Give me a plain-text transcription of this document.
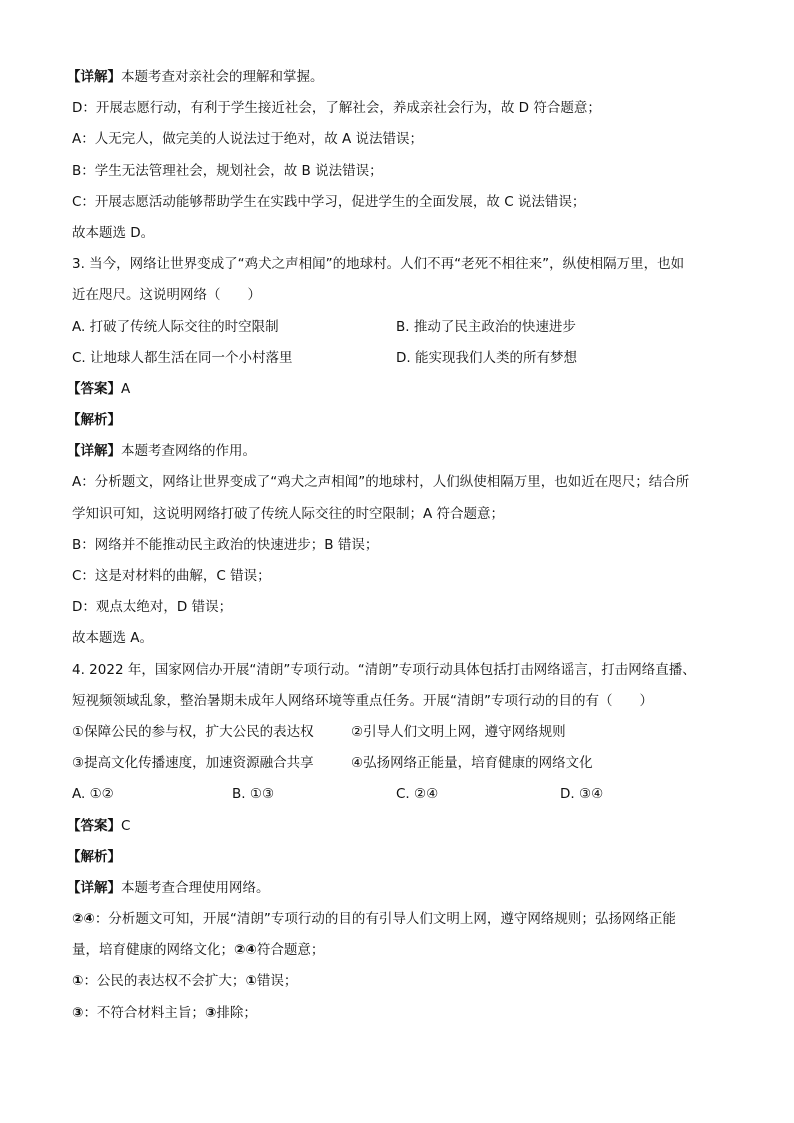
【详解】本题考查对亲社会的理解和掌握。
D：开展志愿行动，有利于学生接近社会，了解社会，养成亲社会行为，故 D 符合题意；
A：人无完人，做完美的人说法过于绝对，故 A 说法错误；
B：学生无法管理社会，规划社会，故 B 说法错误；
C：开展志愿活动能够帮助学生在实践中学习，促进学生的全面发展，故 C 说法错误；
故本题选 D。
3. 当今，网络让世界变成了“鸡犬之声相闻”的地球村。人们不再“老死不相往来”，纵使相隔万里，也如
近在咫尺。这说明网络（　　）
A. 打破了传统人际交往的时空限制	B. 推动了民主政治的快速进步
C. 让地球人都生活在同一个小村落里	D. 能实现我们人类的所有梦想
【答案】A
【解析】
【详解】本题考查网络的作用。
A：分析题文，网络让世界变成了“鸡犬之声相闻”的地球村，人们纵使相隔万里，也如近在咫尺；结合所
学知识可知，这说明网络打破了传统人际交往的时空限制；A 符合题意；
B：网络并不能推动民主政治的快速进步；B 错误；
C：这是对材料的曲解，C 错误；
D：观点太绝对，D 错误；
故本题选 A。
4. 2022 年，国家网信办开展“清朗”专项行动。“清朗”专项行动具体包括打击网络谣言，打击网络直播、
短视频领域乱象，整治暑期未成年人网络环境等重点任务。开展“清朗”专项行动的目的有（　　）
①保障公民的参与权，扩大公民的表达权	②引导人们文明上网，遵守网络规则
③提高文化传播速度，加速资源融合共享	④弘扬网络正能量，培育健康的网络文化
A. ①②	B. ①③	C. ②④	D. ③④
【答案】C
【解析】
【详解】本题考查合理使用网络。
②④：分析题文可知，开展“清朗”专项行动的目的有引导人们文明上网，遵守网络规则；弘扬网络正能
量，培育健康的网络文化；②④符合题意；
①：公民的表达权不会扩大；①错误；
③：不符合材料主旨；③排除；
